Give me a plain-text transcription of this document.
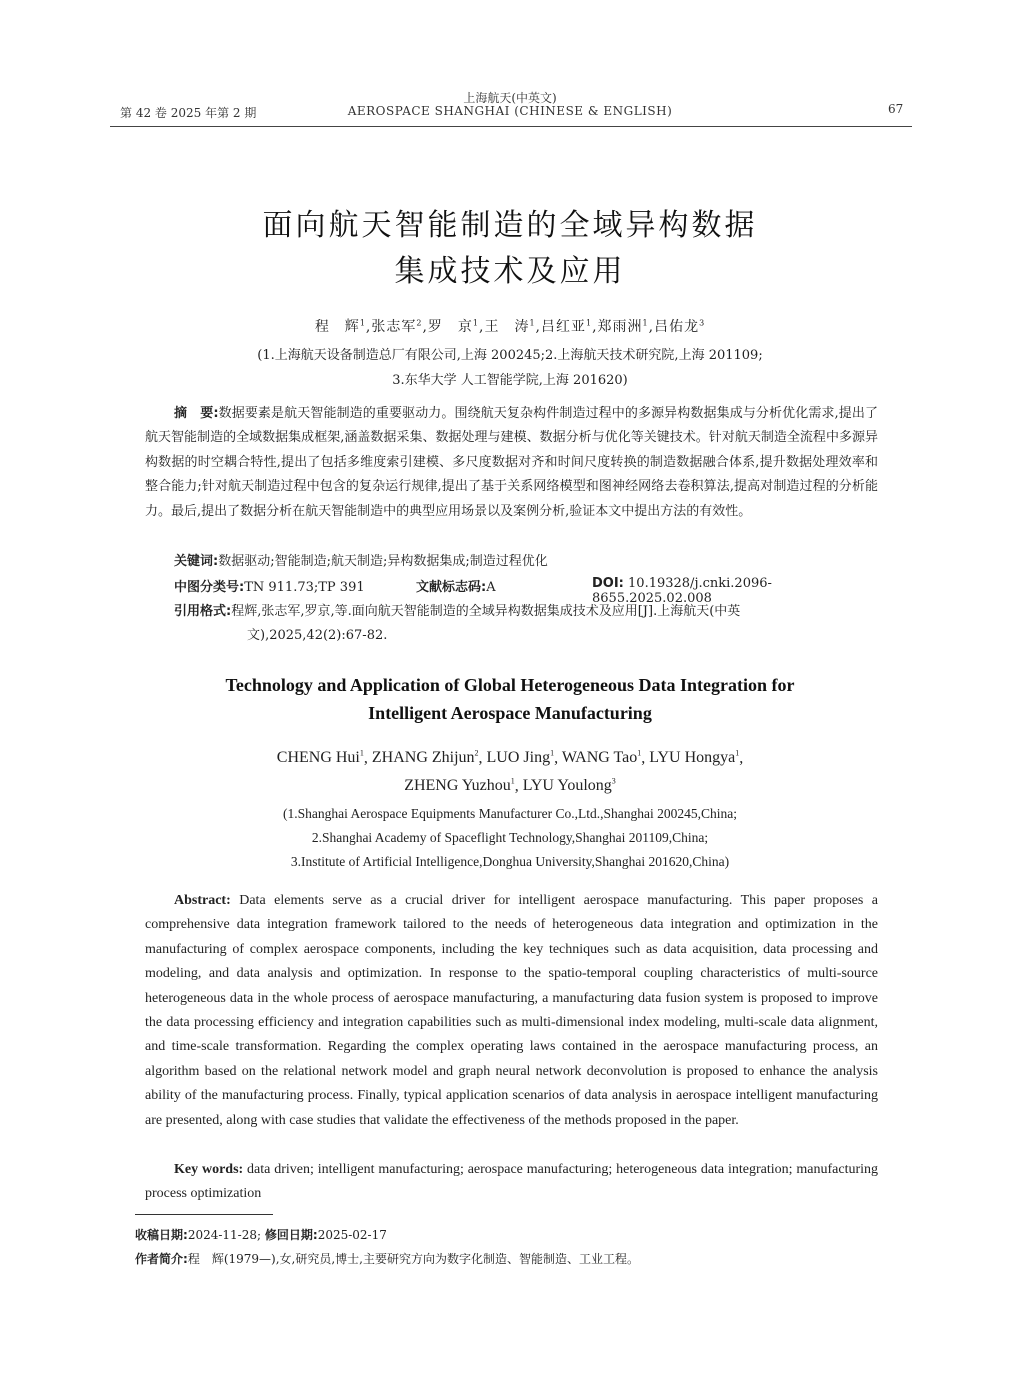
第 42 卷 2025 年第 2 期
上海航天(中英文)
AEROSPACE SHANGHAI (CHINESE & ENGLISH)	67
面向航天智能制造的全域异构数据
集成技术及应用
程　辉$^1$,张志军$^2$,罗　京$^1$,王　涛$^1$,吕红亚$^1$,郑雨洲$^1$,吕佑龙$^3$
(1.上海航天设备制造总厂有限公司,上海 200245;2.上海航天技术研究院,上海 201109;
3.东华大学 人工智能学院,上海 201620)
摘　要:数据要素是航天智能制造的重要驱动力。围绕航天复杂构件制造过程中的多源异构数据集成与分析优化需求,提出了航天智能制造的全域数据集成框架,涵盖数据采集、数据处理与建模、数据分析与优化等关键技术。针对航天制造全流程中多源异构数据的时空耦合特性,提出了包括多维度索引建模、多尺度数据对齐和时间尺度转换的制造数据融合体系,提升数据处理效率和整合能力;针对航天制造过程中包含的复杂运行规律,提出了基于关系网络模型和图神经网络去卷积算法,提高对制造过程的分析能力。最后,提出了数据分析在航天智能制造中的典型应用场景以及案例分析,验证本文中提出方法的有效性。
关键词:数据驱动;智能制造;航天制造;异构数据集成;制造过程优化
中图分类号:TN 911.73;TP 391	文献标志码:A	DOI: 10.19328/j.cnki.2096-8655.2025.02.008
引用格式:程辉,张志军,罗京,等.面向航天智能制造的全域异构数据集成技术及应用[J].上海航天(中英
文),2025,42(2):67-82.
Technology and Application of Global Heterogeneous Data Integration for
Intelligent Aerospace Manufacturing
CHENG Hui$^1$, ZHANG Zhijun$^2$, LUO Jing$^1$, WANG Tao$^1$, LYU Hongya$^1$,
ZHENG Yuzhou$^1$, LYU Youlong$^3$
(1.Shanghai Aerospace Equipments Manufacturer Co.,Ltd.,Shanghai 200245,China;
2.Shanghai Academy of Spaceflight Technology,Shanghai 201109,China;
3.Institute of Artificial Intelligence,Donghua University,Shanghai 201620,China)
Abstract: Data elements serve as a crucial driver for intelligent aerospace manufacturing. This paper proposes a comprehensive data integration framework tailored to the needs of heterogeneous data integration and optimization in the manufacturing of complex aerospace components, including the key techniques such as data acquisition, data processing and modeling, and data analysis and optimization. In response to the spatio-temporal coupling characteristics of multi-source heterogeneous data in the whole process of aerospace manufacturing, a manufacturing data fusion system is proposed to improve the data processing efficiency and integration capabilities such as multi-dimensional index modeling, multi-scale data alignment, and time-scale transformation. Regarding the complex operating laws contained in the aerospace manufacturing process, an algorithm based on the relational network model and graph neural network deconvolution is proposed to enhance the analysis ability of the manufacturing process. Finally, typical application scenarios of data analysis in aerospace intelligent manufacturing are presented, along with case studies that validate the effectiveness of the methods proposed in the paper.
Key words: data driven; intelligent manufacturing; aerospace manufacturing; heterogeneous data integration; manufacturing process optimization
收稿日期:2024-11-28; 修回日期:2025-02-17
作者简介:程　辉(1979—),女,研究员,博士,主要研究方向为数字化制造、智能制造、工业工程。
